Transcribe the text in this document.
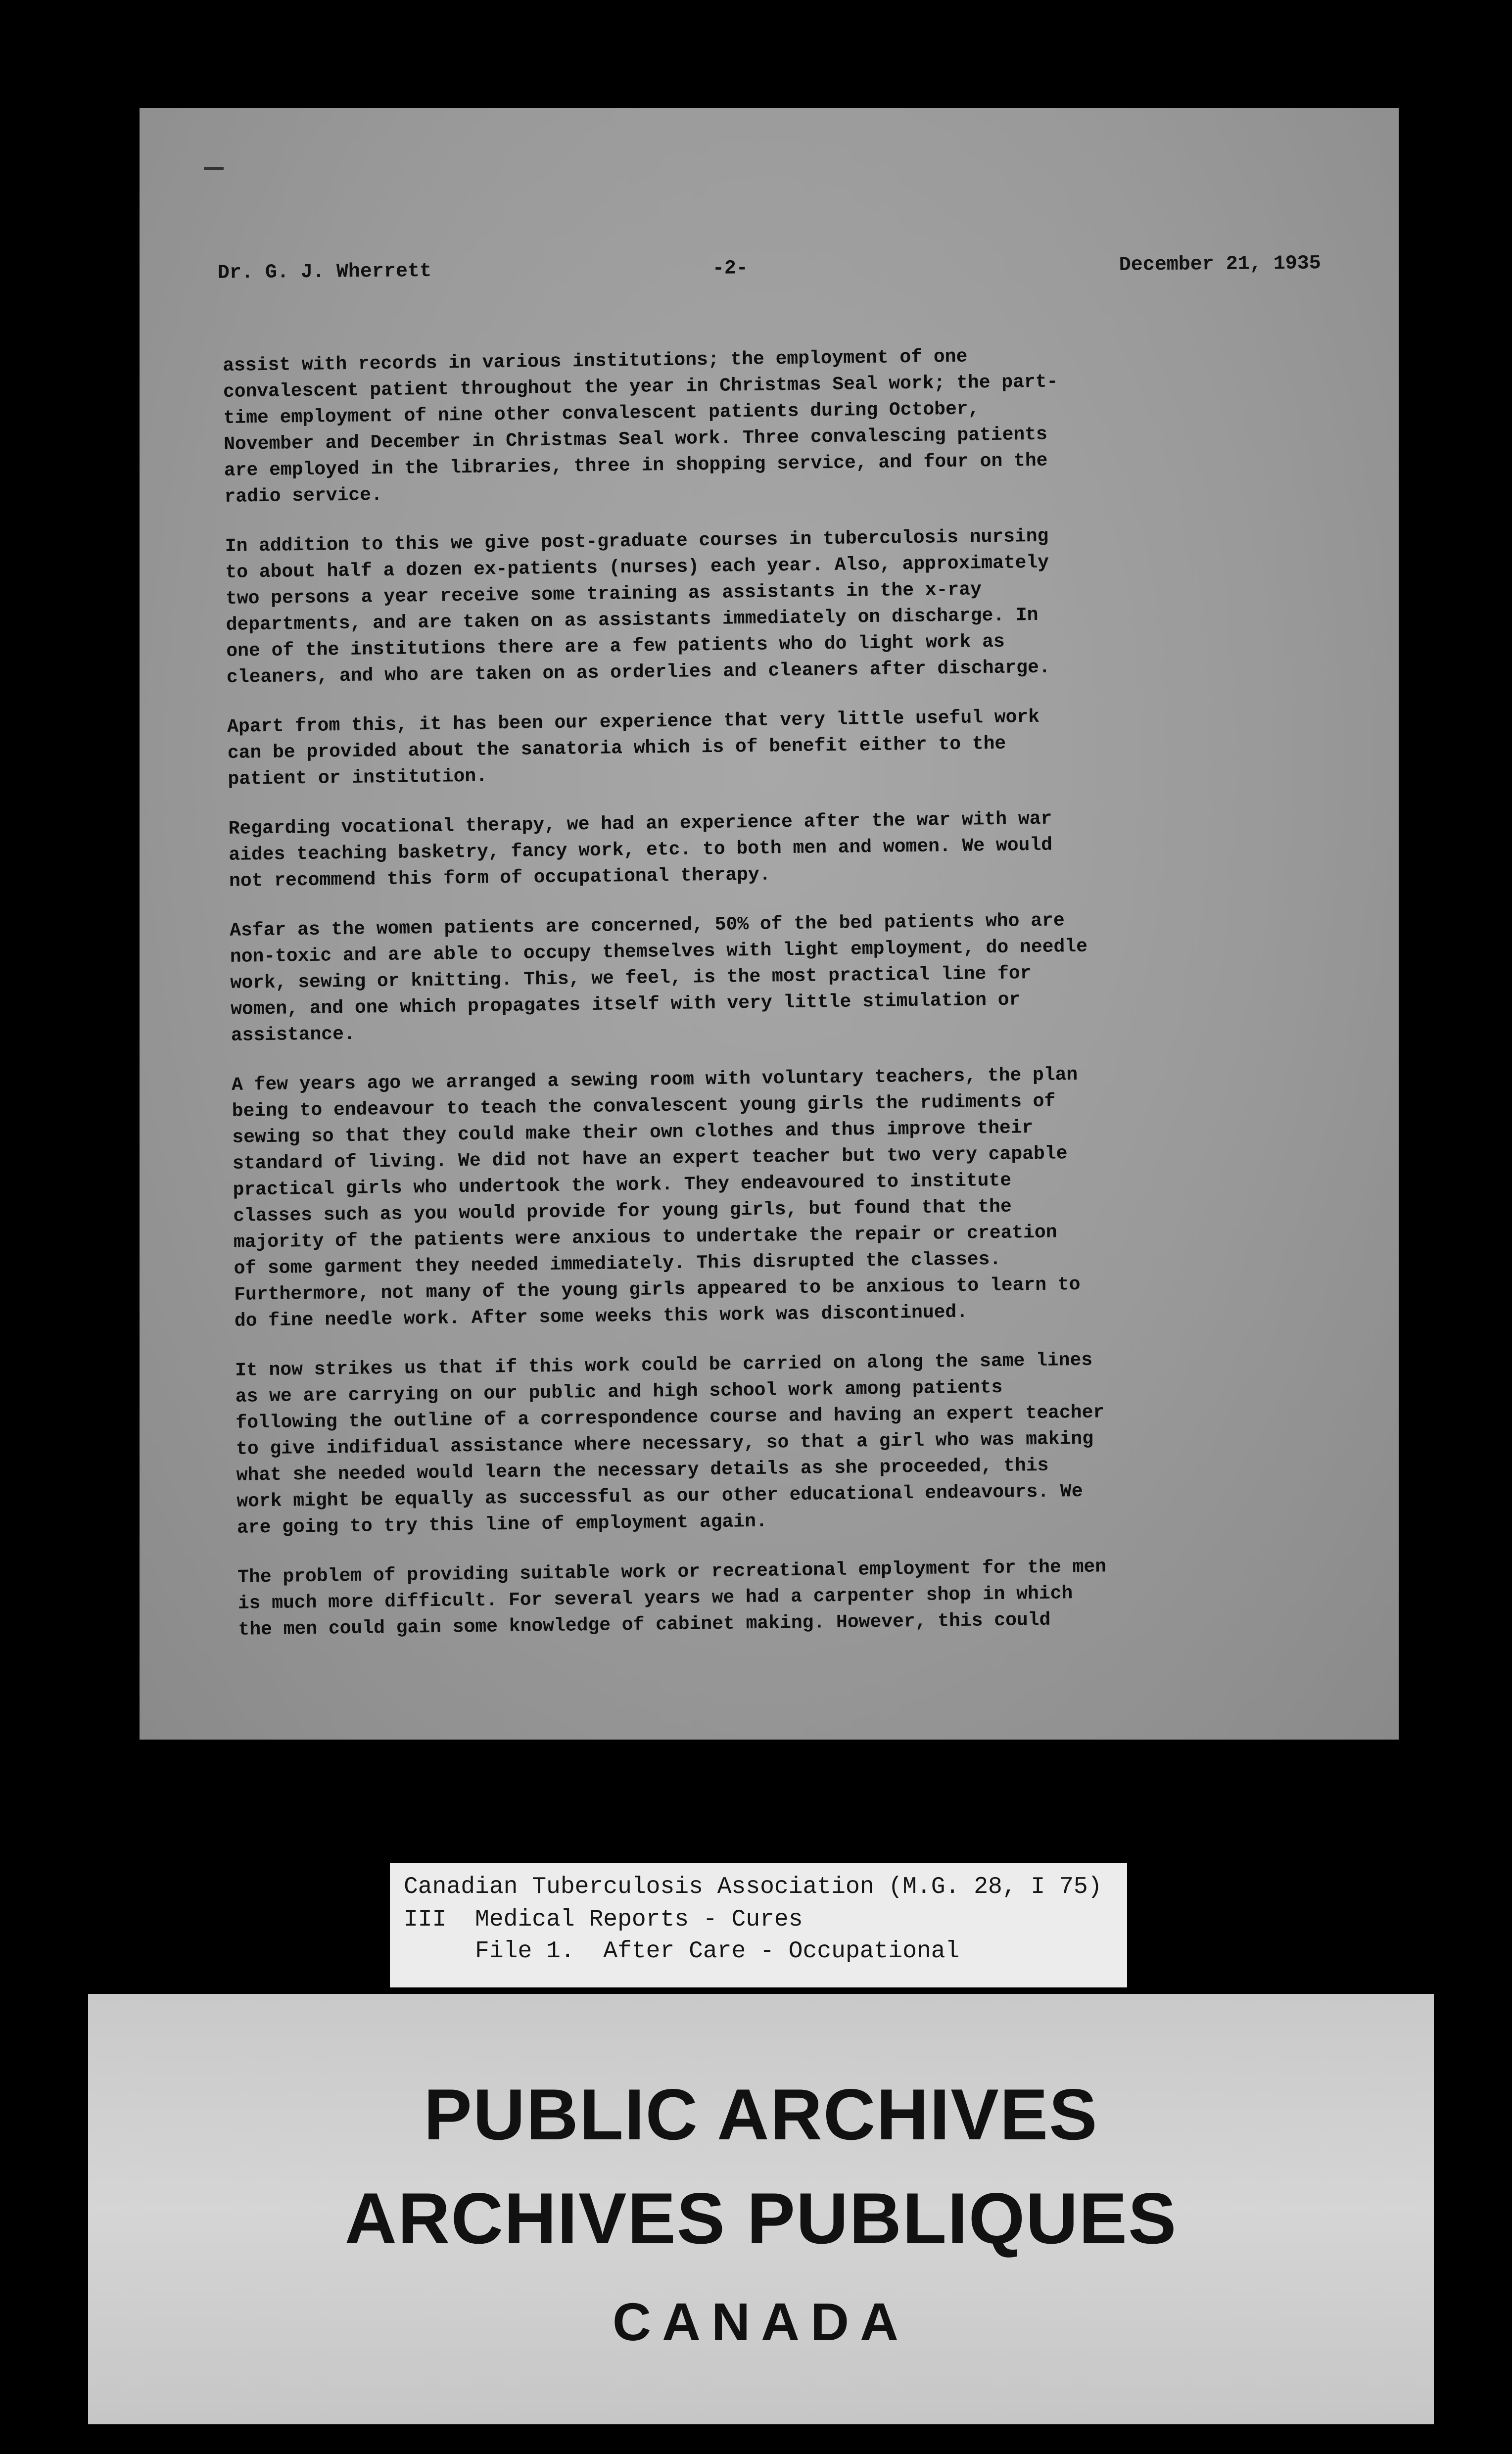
Dr. G. J. Wherrett	-2-	December 21, 1935

assist with records in various institutions; the employment of one
convalescent patient throughout the year in Christmas Seal work; the part-
time employment of nine other convalescent patients during October,
November and December in Christmas Seal work. Three convalescing patients
are employed in the libraries, three in shopping service, and four on the
radio service.

In addition to this we give post-graduate courses in tuberculosis nursing
to about half a dozen ex-patients (nurses) each year. Also, approximately
two persons a year receive some training as assistants in the x-ray
departments, and are taken on as assistants immediately on discharge. In
one of the institutions there are a few patients who do light work as
cleaners, and who are taken on as orderlies and cleaners after discharge.

Apart from this, it has been our experience that very little useful work
can be provided about the sanatoria which is of benefit either to the
patient or institution.

Regarding vocational therapy, we had an experience after the war with war
aides teaching basketry, fancy work, etc. to both men and women. We would
not recommend this form of occupational therapy.

Asfar as the women patients are concerned, 50% of the bed patients who are
non-toxic and are able to occupy themselves with light employment, do needle
work, sewing or knitting. This, we feel, is the most practical line for
women, and one which propagates itself with very little stimulation or
assistance.

A few years ago we arranged a sewing room with voluntary teachers, the plan
being to endeavour to teach the convalescent young girls the rudiments of
sewing so that they could make their own clothes and thus improve their
standard of living. We did not have an expert teacher but two very capable
practical girls who undertook the work. They endeavoured to institute
classes such as you would provide for young girls, but found that the
majority of the patients were anxious to undertake the repair or creation
of some garment they needed immediately. This disrupted the classes.
Furthermore, not many of the young girls appeared to be anxious to learn to
do fine needle work. After some weeks this work was discontinued.

It now strikes us that if this work could be carried on along the same lines
as we are carrying on our public and high school work among patients
following the outline of a correspondence course and having an expert teacher
to give indifidual assistance where necessary, so that a girl who was making
what she needed would learn the necessary details as she proceeded, this
work might be equally as successful as our other educational endeavours. We
are going to try this line of employment again.

The problem of providing suitable work or recreational employment for the men
is much more difficult. For several years we had a carpenter shop in which
the men could gain some knowledge of cabinet making. However, this could

Canadian Tuberculosis Association (M.G. 28, I 75)
III  Medical Reports - Cures
File 1.  After Care - Occupational
PUBLIC ARCHIVES
ARCHIVES PUBLIQUES
CANADA
